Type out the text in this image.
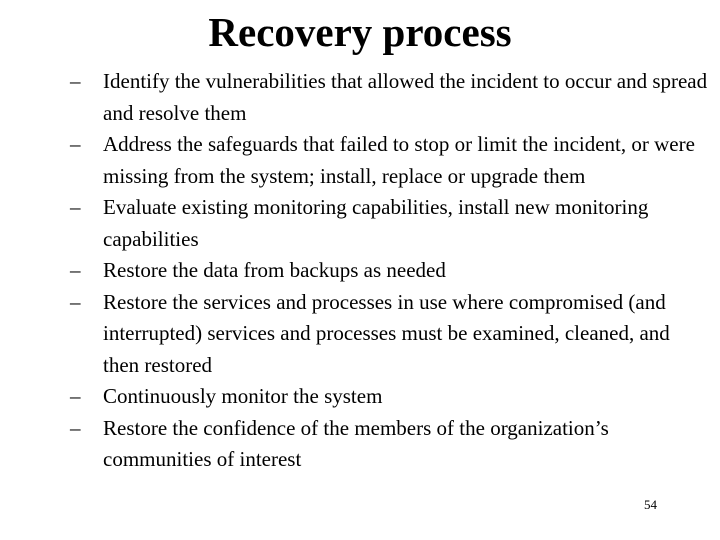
Recovery process
– Identify the vulnerabilities that allowed the incident to occur and spread and resolve them
– Address the safeguards that failed to stop or limit the incident, or were missing from the system; install, replace or upgrade them
– Evaluate existing monitoring capabilities, install new monitoring capabilities
– Restore the data from backups as needed
– Restore the services and processes in use where compromised (and interrupted) services and processes must be examined, cleaned, and then restored
– Continuously monitor the system
– Restore the confidence of the members of the organization’s communities of interest
54
